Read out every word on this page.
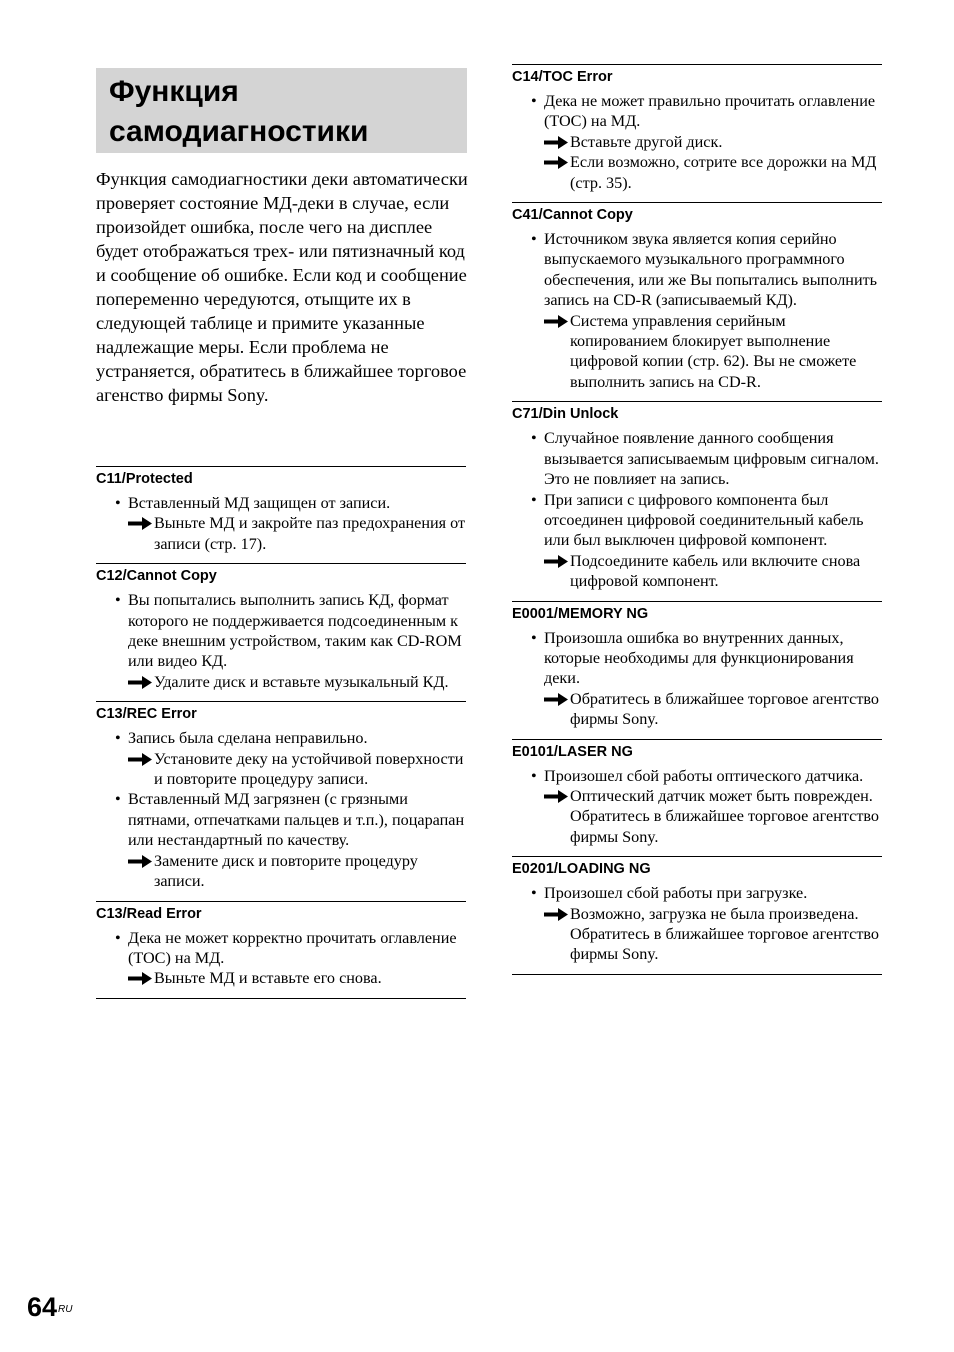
Функция самодиагностики
Функция самодиагностики деки автоматически проверяет состояние МД-деки в случае, если произойдет ошибка, после чего на дисплее будет отображаться трех- или пятизначный код и сообщение об ошибке. Если код и сообщение попеременно чередуются, отыщите их в следующей таблице и примите указанные надлежащие меры. Если проблема не устраняется, обратитесь в ближайшее торговое агенство фирмы Sony.
C11/Protected
• Вставленный МД защищен от записи.
Выньте МД и закройте паз предохранения от записи (стр. 17).
C12/Cannot Copy
• Вы попытались выполнить запись КД, формат которого не поддерживается подсоединенным к деке внешним устройством, таким как CD-ROM или видео КД.
Удалите диск и вставьте музыкальный КД.
C13/REC Error
• Запись была сделана неправильно.
Установите деку на устойчивой поверхности и повторите процедуру записи.
• Вставленный МД загрязнен (с грязными пятнами, отпечатками пальцев и т.п.), поцарапан или нестандартный по качеству.
Замените диск и повторите процедуру записи.
C13/Read Error
• Дека не может корректно прочитать оглавление (TOC) на МД.
Выньте МД и вставьте его снова.
C14/TOC Error
• Дека не может правильно прочитать оглавление (TOC) на МД.
Вставьте другой диск.
Если возможно, сотрите все дорожки на МД (стр. 35).
C41/Cannot Copy
• Источником звука является копия серийно выпускаемого музыкального программного обеспечения, или же Вы попытались выполнить запись на CD-R (записываемый КД).
Система управления серийным копированием блокирует выполнение цифровой копии (стр. 62). Вы не сможете выполнить запись на CD-R.
C71/Din Unlock
• Случайное появление данного сообщения вызывается записываемым цифровым сигналом. Это не повлияет на запись.
• При записи с цифрового компонента был отсоединен цифровой соединительный кабель или был выключен цифровой компонент.
Подсоедините кабель или включите снова цифровой компонент.
E0001/MEMORY NG
• Произошла ошибка во внутренних данных, которые необходимы для функционирования деки.
Обратитесь в ближайшее торговое агентство фирмы Sony.
E0101/LASER NG
• Произошел сбой работы оптического датчика.
Оптический датчик может быть поврежден. Обратитесь в ближайшее торговое агентство фирмы Sony.
E0201/LOADING NG
• Произошел сбой работы при загрузке.
Возможно, загрузка не была произведена. Обратитесь в ближайшее торговое агентство фирмы Sony.
64 RU
